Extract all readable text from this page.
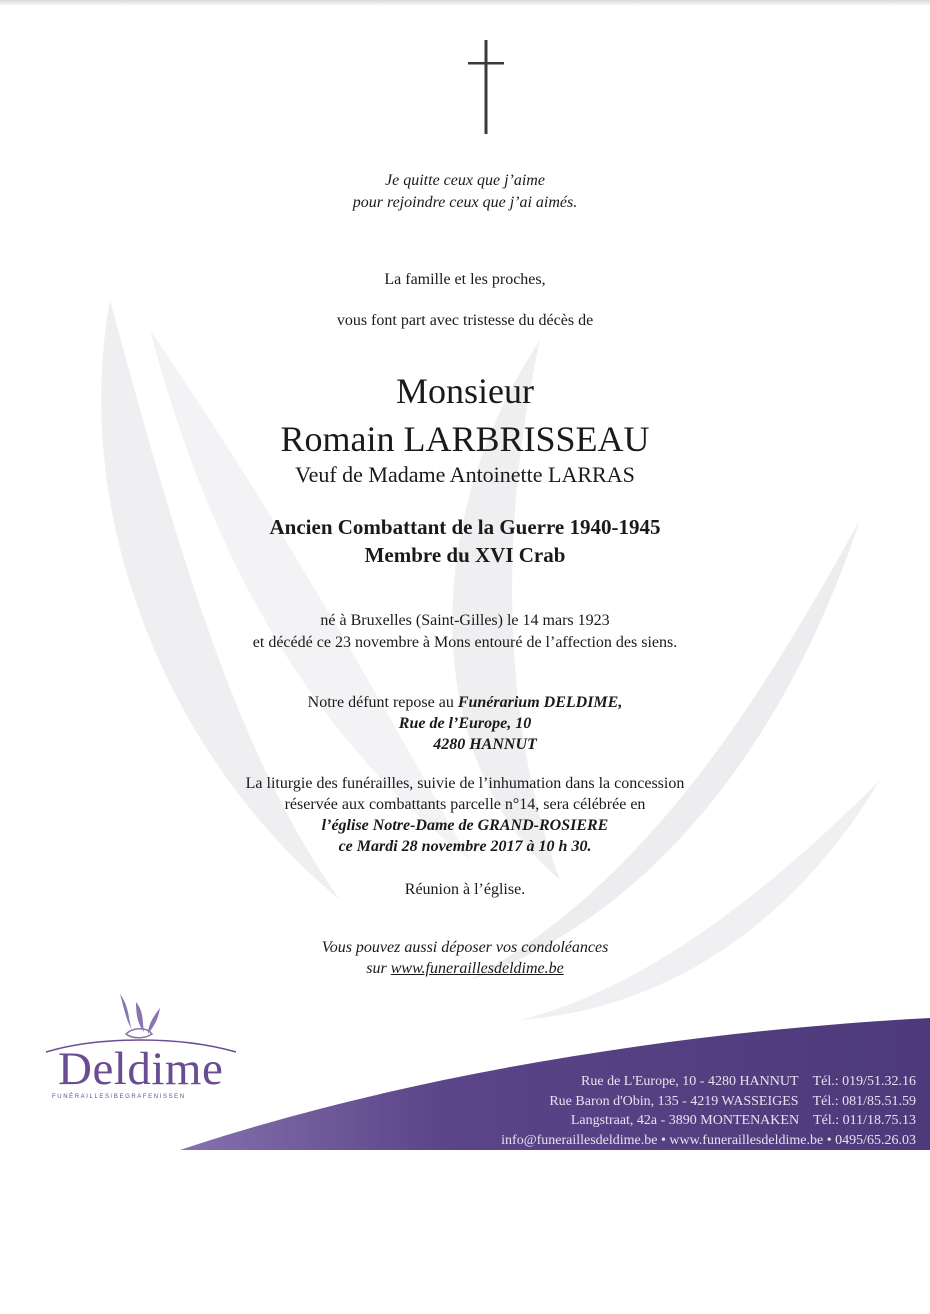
Je quitte ceux que j’aime
pour rejoindre ceux que j’ai aimés.
La famille et les proches,
vous font part avec tristesse du décès de
Monsieur
Romain LARBRISSEAU
Veuf de Madame Antoinette LARRAS
Ancien Combattant de la Guerre 1940-1945
Membre du XVI Crab
né à Bruxelles (Saint-Gilles) le 14 mars 1923
et décédé ce 23 novembre à Mons entouré de l’affection des siens.
Notre défunt repose au Funérarium DELDIME,
Rue de l’Europe, 10
4280 HANNUT
La liturgie des funérailles, suivie de l’inhumation dans la concession
réservée aux combattants parcelle n°14, sera célébrée en
l’église Notre-Dame de GRAND-ROSIERE
ce Mardi 28 novembre 2017 à 10 h 30.
Réunion à l’église.
Vous pouvez aussi déposer vos condoléances
sur www.funeraillesdeldime.be
Rue de L'Europe, 10 - 4280 HANNUT Tél.: 019/51.32.16
Rue Baron d'Obin, 135 - 4219 WASSEIGES Tél.: 081/85.51.59
Langstraat, 42a - 3890 MONTENAKEN Tél.: 011/18.75.13
info@funeraillesdeldime.be • www.funeraillesdeldime.be • 0495/65.26.03
Deldime
FUNÉRAILLES/BEGRAFENISSEN
